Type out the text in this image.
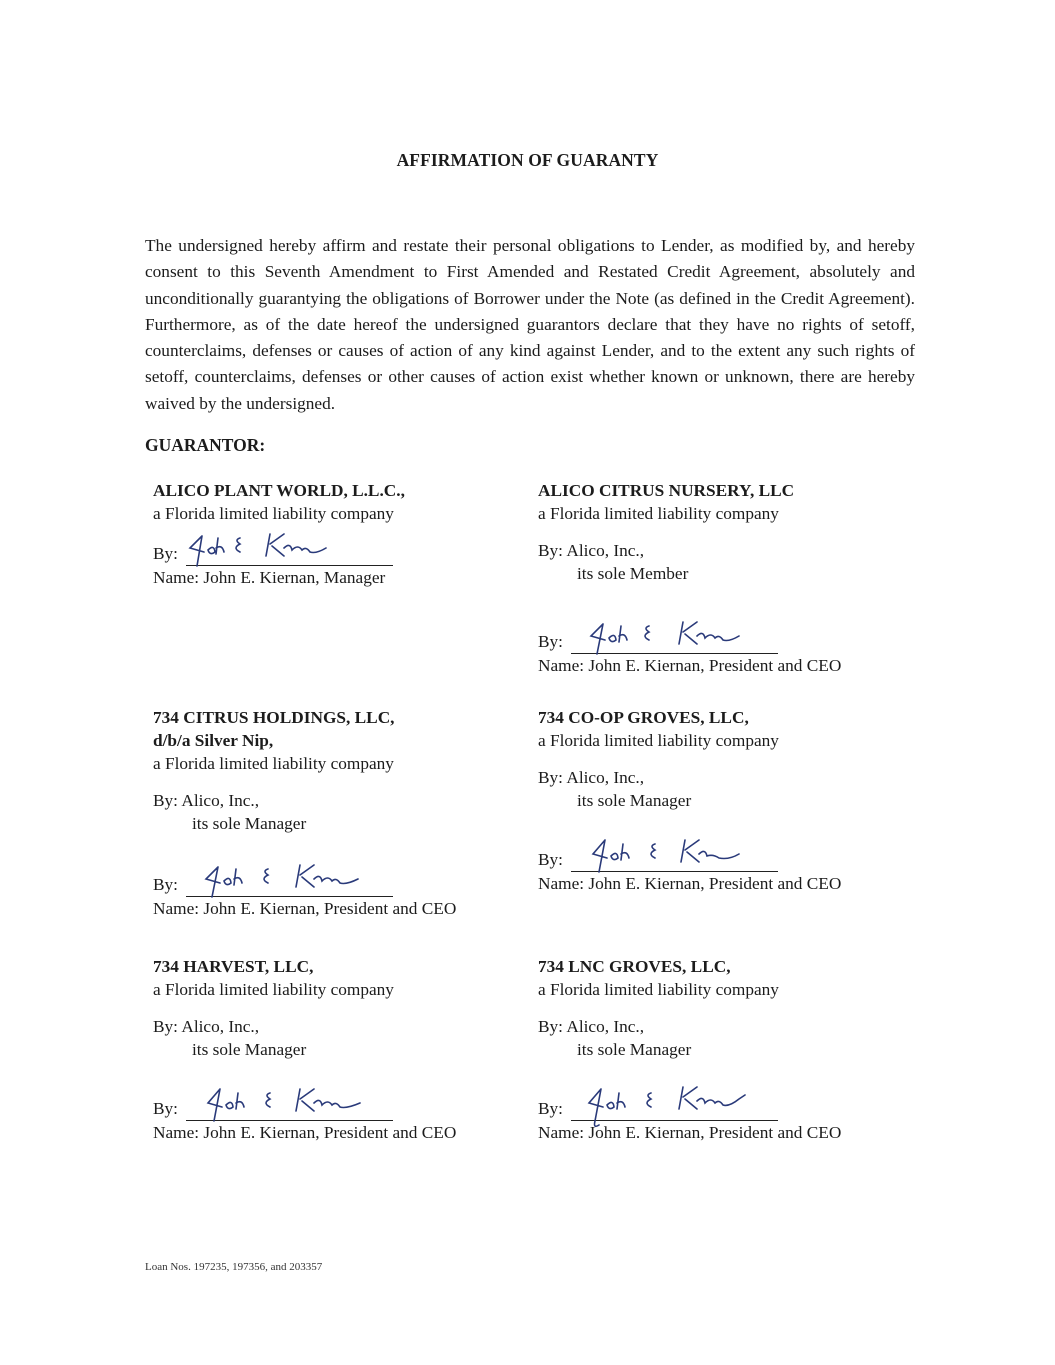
AFFIRMATION OF GUARANTY

The undersigned hereby affirm and restate their personal obligations to Lender, as modified by, and hereby consent to this Seventh Amendment to First Amended and Restated Credit Agreement, absolutely and unconditionally guarantying the obligations of Borrower under the Note (as defined in the Credit Agreement). Furthermore, as of the date hereof the undersigned guarantors declare that they have no rights of setoff, counterclaims, defenses or causes of action of any kind against Lender, and to the extent any such rights of setoff, counterclaims, defenses or other causes of action exist whether known or unknown, there are hereby waived by the undersigned.

GUARANTOR:
ALICO PLANT WORLD, L.L.C.,
a Florida limited liability company
By:
Name: John E. Kiernan, Manager
ALICO CITRUS NURSERY, LLC
a Florida limited liability company
By: Alico, Inc.,
its sole Member
By:
Name: John E. Kiernan, President and CEO
734 CITRUS HOLDINGS, LLC,
d/b/a Silver Nip,
a Florida limited liability company
By: Alico, Inc.,
its sole Manager
By:
Name: John E. Kiernan, President and CEO
734 CO-OP GROVES, LLC,
a Florida limited liability company
By: Alico, Inc.,
its sole Manager
By:
Name: John E. Kiernan, President and CEO
734 HARVEST, LLC,
a Florida limited liability company
By: Alico, Inc.,
its sole Manager
By:
Name: John E. Kiernan, President and CEO
734 LNC GROVES, LLC,
a Florida limited liability company
By: Alico, Inc.,
its sole Manager
By:
Name: John E. Kiernan, President and CEO
Loan Nos. 197235, 197356, and 203357
